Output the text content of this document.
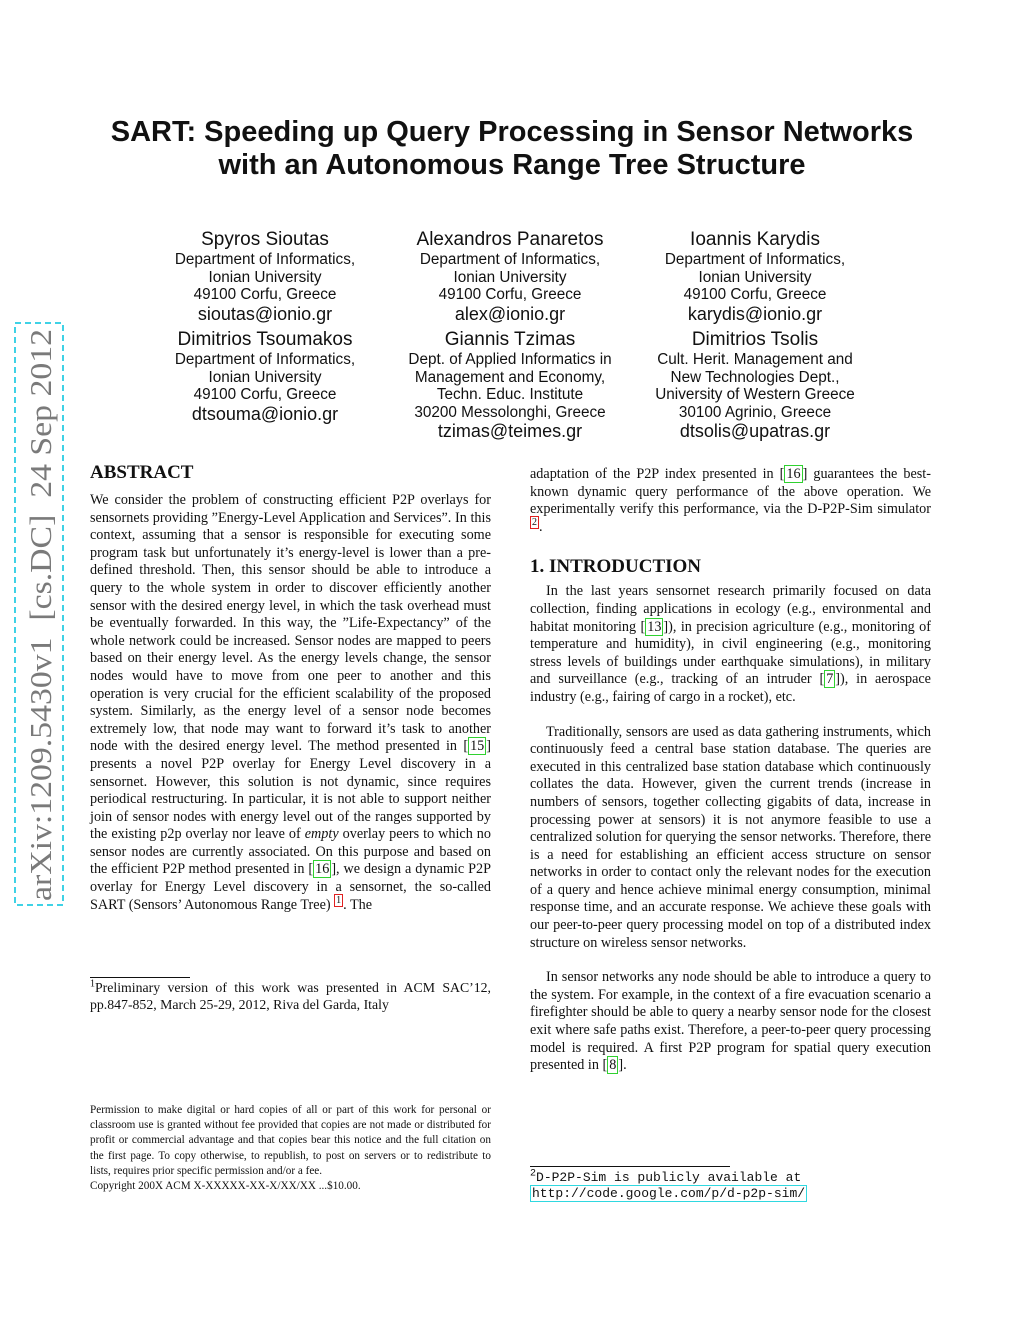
arXiv:1209.5430v1  [cs.DC]  24 Sep 2012
SART: Speeding up Query Processing in Sensor Networks
with an Autonomous Range Tree Structure
Spyros Sioutas
Department of Informatics,
Ionian University
49100 Corfu, Greece
sioutas@ionio.gr
Alexandros Panaretos
Department of Informatics,
Ionian University
49100 Corfu, Greece
alex@ionio.gr
Ioannis Karydis
Department of Informatics,
Ionian University
49100 Corfu, Greece
karydis@ionio.gr
Dimitrios Tsoumakos
Department of Informatics,
Ionian University
49100 Corfu, Greece
dtsouma@ionio.gr
Giannis Tzimas
Dept. of Applied Informatics in
Management and Economy,
Techn. Educ. Institute
30200 Messolonghi, Greece
tzimas@teimes.gr
Dimitrios Tsolis
Cult. Herit. Management and
New Technologies Dept.,
University of Western Greece
30100 Agrinio, Greece
dtsolis@upatras.gr

ABSTRACT

We consider the problem of constructing efficient P2P overlays for sensornets providing ”Energy-Level Application and Services”. In this context, assuming that a sensor is responsible for executing some program task but unfortunately it’s energy-level is lower than a pre-defined threshold. Then, this sensor should be able to introduce a query to the whole system in order to discover efficiently another sensor with the desired energy level, in which the task overhead must be eventually forwarded. In this way, the ”Life-Expectancy” of the whole network could be increased. Sensor nodes are mapped to peers based on their energy level. As the energy levels change, the sensor nodes would have to move from one peer to another and this operation is very crucial for the efficient scalability of the proposed system. Similarly, as the energy level of a sensor node becomes extremely low, that node may want to forward it’s task to another node with the desired energy level. The method presented in [ 15 ] presents a novel P2P overlay for Energy Level discovery in a sensornet. However, this solution is not dynamic, since requires periodical restructuring. In particular, it is not able to support neither join of sensor nodes with energy level out of the ranges supported by the existing p2p overlay nor leave of empty overlay peers to which no sensor nodes are currently associated. On this purpose and based on the efficient P2P method presented in [ 16 ], we design a dynamic P2P overlay for Energy Level discovery in a sensornet, the so-called SART (Sensors’ Autonomous Range Tree) $^1$ . The

$^1$Preliminary version of this work was presented in ACM SAC’12, pp.847-852, March 25-29, 2012, Riva del Garda, Italy
Permission to make digital or hard copies of all or part of this work for personal or classroom use is granted without fee provided that copies are not made or distributed for profit or commercial advantage and that copies bear this notice and the full citation on the first page. To copy otherwise, to republish, to post on servers or to redistribute to lists, requires prior specific permission and/or a fee.
Copyright 200X ACM X-XXXXX-XX-X/XX/XX ...$10.00.

adaptation of the P2P index presented in [ 16 ] guarantees the best-known dynamic query performance of the above operation. We experimentally verify this performance, via the D-P2P-Sim simulator $^2$ .

1. INTRODUCTION

In the last years sensornet research primarily focused on data collection, finding applications in ecology (e.g., environmental and habitat monitoring [ 13 ]), in precision agriculture (e.g., monitoring of temperature and humidity), in civil engineering (e.g., monitoring stress levels of buildings under earthquake simulations), in military and surveillance (e.g., tracking of an intruder [ 7 ]), in aerospace industry (e.g., fairing of cargo in a rocket), etc.

Traditionally, sensors are used as data gathering instruments, which continuously feed a central base station database. The queries are executed in this centralized base station database which continuously collates the data. However, given the current trends (increase in numbers of sensors, together collecting gigabits of data, increase in processing power at sensors) it is not anymore feasible to use a centralized solution for querying the sensor networks. Therefore, there is a need for establishing an efficient access structure on sensor networks in order to contact only the relevant nodes for the execution of a query and hence achieve minimal energy consumption, minimal response time, and an accurate response. We achieve these goals with our peer-to-peer query processing model on top of a distributed index structure on wireless sensor networks.

In sensor networks any node should be able to introduce a query to the system. For example, in the context of a fire evacuation scenario a firefighter should be able to query a nearby sensor node for the closest exit where safe paths exist. Therefore, a peer-to-peer query processing model is required. A first P2P program for spatial query execution presented in [ 8 ].

$^2$D-P2P-Sim is publicly available at
http://code.google.com/p/d-p2p-sim/
